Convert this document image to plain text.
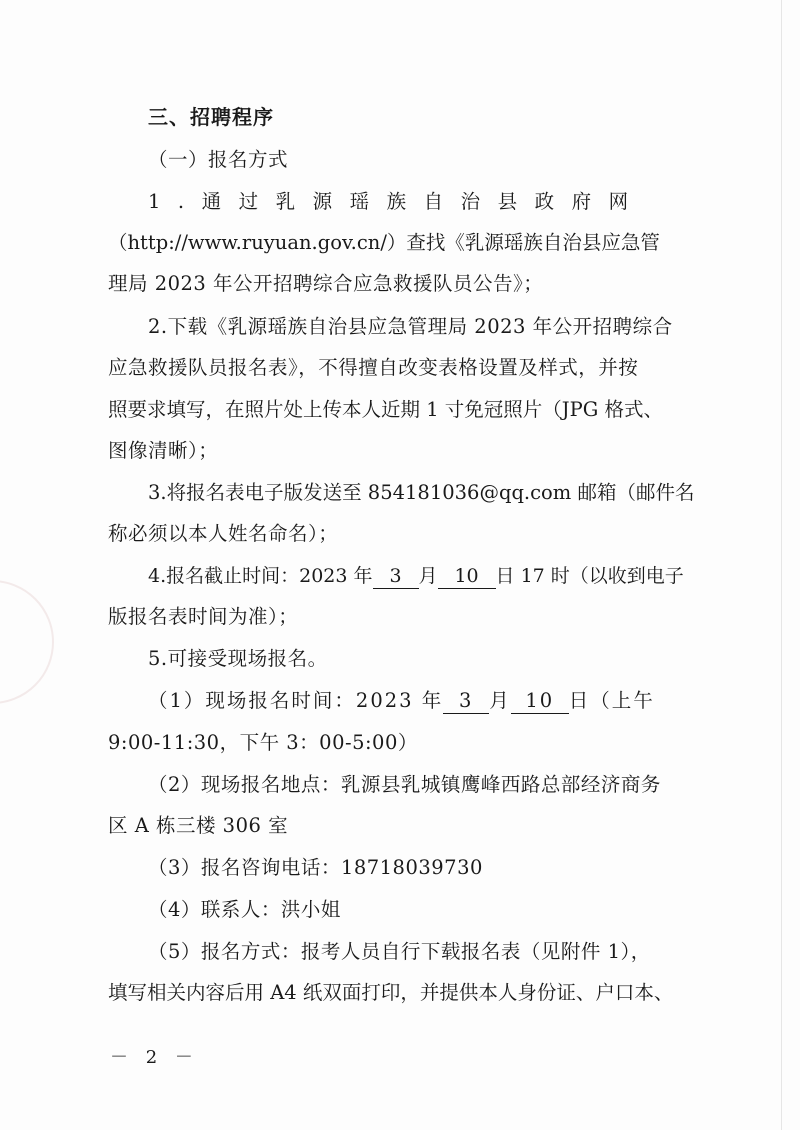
三、招聘程序
（一）报名方式
1.通过乳源瑶族自治县政府网
（http://www.ruyuan.gov.cn/）查找《乳源瑶族自治县应急管
理局 2023 年公开招聘综合应急救援队员公告》；
2.下载《乳源瑶族自治县应急管理局 2023 年公开招聘综合
应急救援队员报名表》，不得擅自改变表格设置及样式，并按
照要求填写，在照片处上传本人近期 1 寸免冠照片（JPG 格式、
图像清晰）；
3.将报名表电子版发送至 854181036@qq.com 邮箱（邮件名
称必须以本人姓名命名）；
4.报名截止时间：2023 年 3 月 10 日 17 时（以收到电子
版报名表时间为准）；
5.可接受现场报名。
（1）现场报名时间：2023 年 3 月 10 日（上午
9:00-11:30，下午 3：00-5:00）
（2）现场报名地点：乳源县乳城镇鹰峰西路总部经济商务
区 A 栋三楼 306 室
（3）报名咨询电话：18718039730
（4）联系人：洪小姐
（5）报名方式：报考人员自行下载报名表（见附件 1），
填写相关内容后用 A4 纸双面打印，并提供本人身份证、户口本、
－ 2 －
